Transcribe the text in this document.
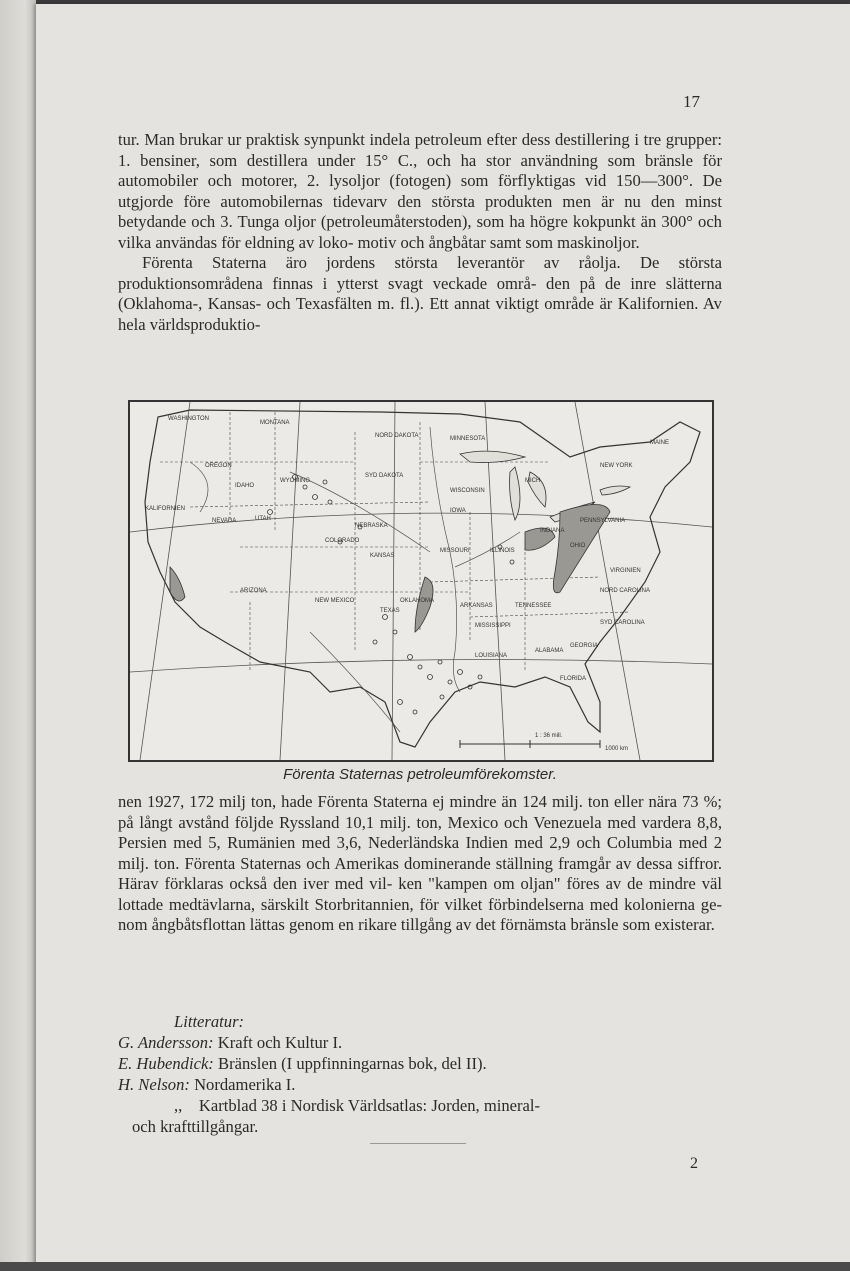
17

tur. Man brukar ur praktisk synpunkt indela petroleum efter dess destillering i tre grupper: 1. bensiner, som destillera under 15° C., och ha stor användning som bränsle för automobiler och motorer, 2. lysoljor (fotogen) som förflyktigas vid 150—300°. De utgjorde före automobilernas tidevarv den största produkten men är nu den minst betydande och 3. Tunga oljor (petroleumåterstoden), som ha högre kokpunkt än 300° och vilka användas för eldning av loko- motiv och ångbåtar samt som maskinoljor.

Förenta Staterna äro jordens största leverantör av råolja. De största produktionsområdena finnas i ytterst svagt veckade områ- den på de inre slätterna (Oklahoma-, Kansas- och Texasfälten m. fl.). Ett annat viktigt område är Kalifornien. Av hela världsproduktio-

WASHINGTON
MONTANA
NORD DAKOTA	MINNESOTA
MAINE
OREGON
IDAHO
WYOMING
SYD DAKOTA
WISCONSIN
MICH.
NEW YORK
KALIFORNIEN
NEVADA	UTAH
NEBRASKA
IOWA
PENNSYLVANIA
COLORADO
KANSAS
MISSOURI	ILLINOIS
INDIANA
OHIO
VIRGINIEN
ARIZONA
NEW MEXICO	OKLAHOMA
ARKANSAS	TENNESSEE
NORD CAROLINA
TEXAS
SYD CAROLINA
MISSISSIPPI
ALABAMA
GEORGIA
LOUISIANA
FLORIDA
1 : 36 mill.
1000 km
Förenta Staternas petroleumförekomster.

nen 1927, 172 milj ton, hade Förenta Staterna ej mindre än 124 milj. ton eller nära 73 %; på långt avstånd följde Ryssland 10,1 milj. ton, Mexico och Venezuela med vardera 8,8, Persien med 5, Rumänien med 3,6, Nederländska Indien med 2,9 och Columbia med 2 milj. ton. Förenta Staternas och Amerikas dominerande ställning framgår av dessa siffror. Härav förklaras också den iver med vil- ken "kampen om oljan" föres av de mindre väl lottade medtävlarna, särskilt Storbritannien, för vilket förbindelserna med kolonierna ge- nom ångbåtsflottan lättas genom en rikare tillgång av det förnämsta bränsle som existerar.

Litteratur:
G. Andersson: Kraft och Kultur I.
E. Hubendick: Bränslen (I uppfinningarnas bok, del II).
H. Nelson: Nordamerika I.
,, Kartblad 38 i Nordisk Världsatlas: Jorden, mineral-
och krafttillgångar.
2
